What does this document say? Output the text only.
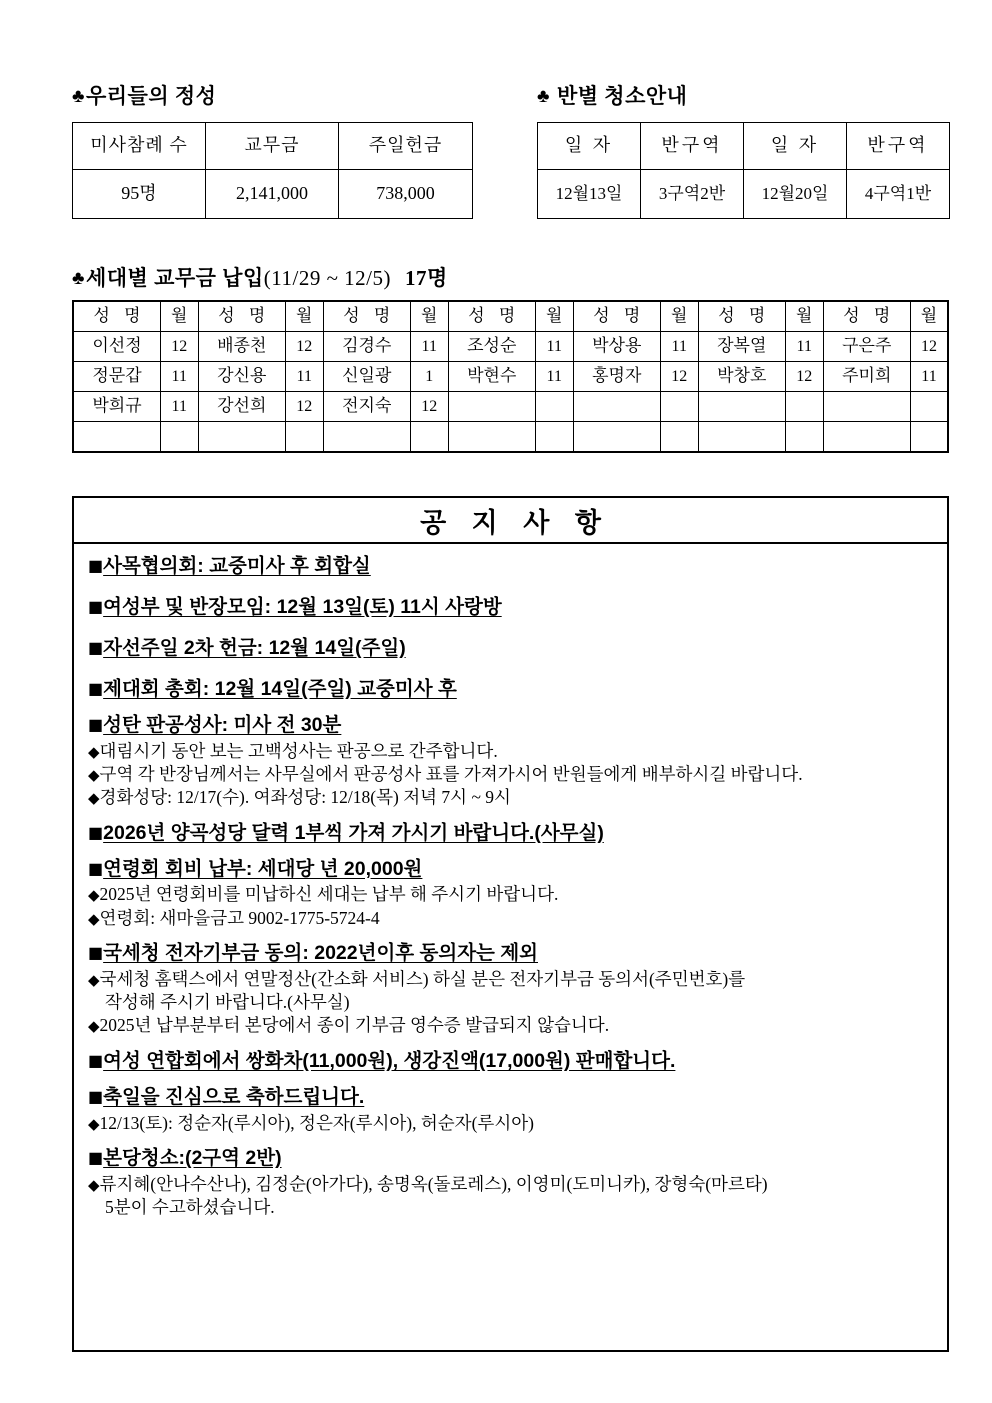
♣우리들의 정성
미사참례 수	교무금	주일헌금
95명	2,141,000	738,000
♣ 반별 청소안내
일 자	반구역	일 자	반구역
12월13일	3구역2반	12월20일	4구역1반
♣세대별 교무금 납입(11/29 ~ 12/5) 17명
성 명	월	성 명	월	성 명	월	성 명	월	성 명	월	성 명	월	성 명	월
이선정	12	배종천	12	김경수	11	조성순	11	박상용	11	장복열	11	구은주	12
정문갑	11	강신용	11	신일광	1	박현수	11	홍명자	12	박창호	12	주미희	11
박희규	11	강선희	12	전지숙	12								

공 지 사 항
■사목협의회: 교중미사 후 회합실
■여성부 및 반장모임: 12월 13일(토) 11시 사랑방
■자선주일 2차 헌금: 12월 14일(주일)
■제대회 총회: 12월 14일(주일) 교중미사 후
■성탄 판공성사: 미사 전 30분
◆대림시기 동안 보는 고백성사는 판공으로 간주합니다.
◆구역 각 반장님께서는 사무실에서 판공성사 표를 가져가시어 반원들에게 배부하시길 바랍니다.
◆경화성당: 12/17(수). 여좌성당: 12/18(목) 저녁 7시 ~ 9시
■2026년 양곡성당 달력 1부씩 가져 가시기 바랍니다.(사무실)
■연령회 회비 납부: 세대당 년 20,000원
◆2025년 연령회비를 미납하신 세대는 납부 해 주시기 바랍니다.
◆연령회: 새마을금고 9002-1775-5724-4
■국세청 전자기부금 동의: 2022년이후 동의자는 제외
◆국세청 홈택스에서 연말정산(간소화 서비스) 하실 분은 전자기부금 동의서(주민번호)를
작성해 주시기 바랍니다.(사무실)
◆2025년 납부분부터 본당에서 종이 기부금 영수증 발급되지 않습니다.
■여성 연합회에서 쌍화차(11,000원), 생강진액(17,000원) 판매합니다.
■축일을 진심으로 축하드립니다.
◆12/13(토): 정순자(루시아), 정은자(루시아), 허순자(루시아)
■본당청소:(2구역 2반)
◆류지혜(안나수산나), 김정순(아가다), 송명옥(돌로레스), 이영미(도미니카), 장형숙(마르타)
5분이 수고하셨습니다.
